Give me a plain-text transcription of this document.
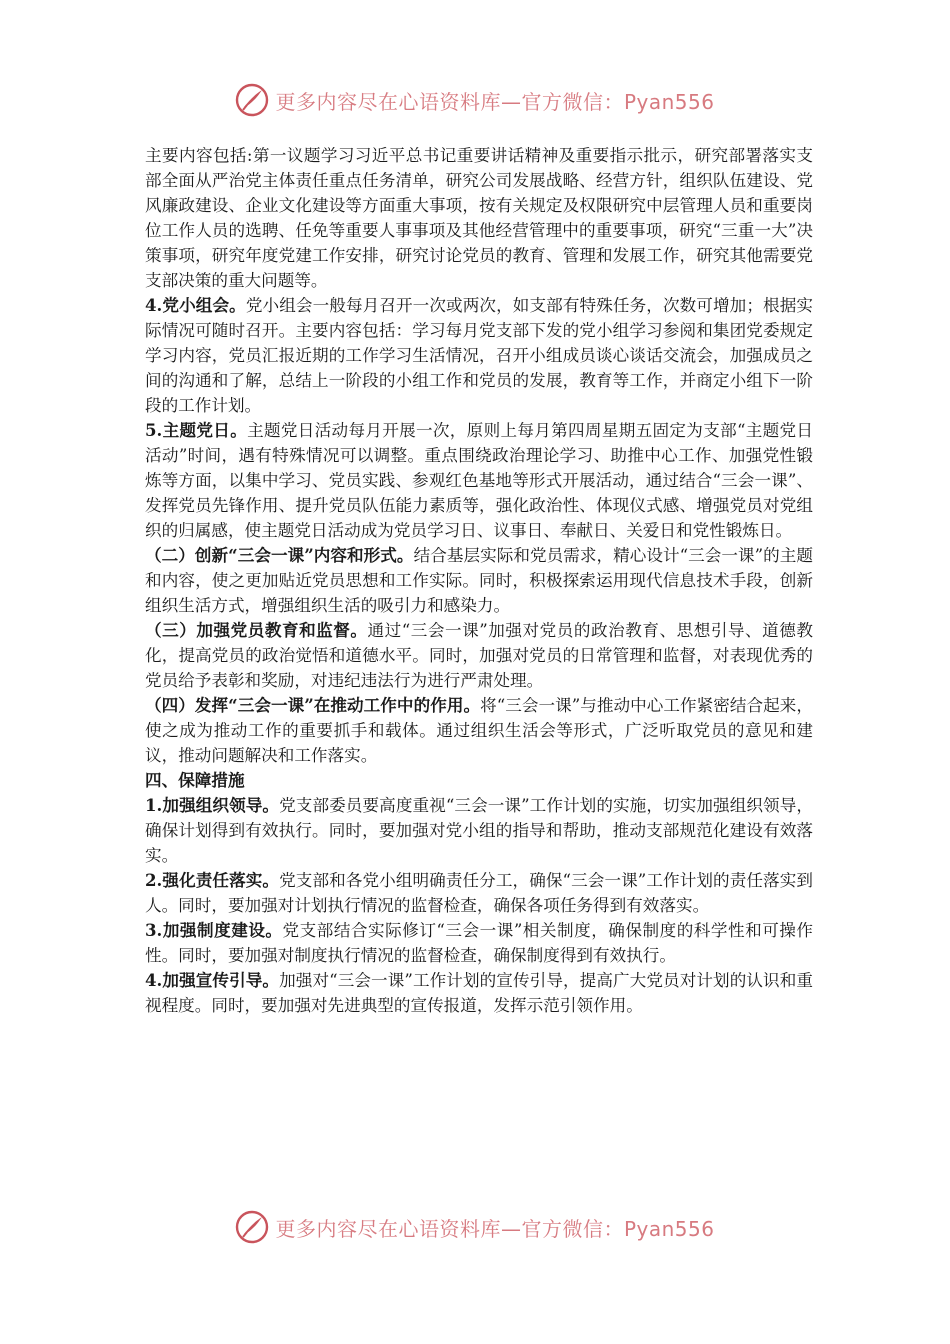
更多内容尽在心语资料库—官方微信：Pyan556

主要内容包括:第一议题学习习近平总书记重要讲话精神及重要指示批示，研究部署落实支部全面从严治党主体责任重点任务清单，研究公司发展战略、经营方针，组织队伍建设、党风廉政建设、企业文化建设等方面重大事项，按有关规定及权限研究中层管理人员和重要岗位工作人员的选聘、任免等重要人事事项及其他经营管理中的重要事项，研究“三重一大”决策事项，研究年度党建工作安排，研究讨论党员的教育、管理和发展工作，研究其他需要党支部决策的重大问题等。

4.党小组会。党小组会一般每月召开一次或两次，如支部有特殊任务，次数可增加；根据实际情况可随时召开。主要内容包括：学习每月党支部下发的党小组学习参阅和集团党委规定学习内容，党员汇报近期的工作学习生活情况，召开小组成员谈心谈话交流会，加强成员之间的沟通和了解，总结上一阶段的小组工作和党员的发展，教育等工作，并商定小组下一阶段的工作计划。

5.主题党日。主题党日活动每月开展一次，原则上每月第四周星期五固定为支部“主题党日活动”时间，遇有特殊情况可以调整。重点围绕政治理论学习、助推中心工作、加强党性锻炼等方面，以集中学习、党员实践、参观红色基地等形式开展活动，通过结合“三会一课”、发挥党员先锋作用、提升党员队伍能力素质等，强化政治性、体现仪式感、增强党员对党组织的归属感，使主题党日活动成为党员学习日、议事日、奉献日、关爱日和党性锻炼日。

（二）创新“三会一课”内容和形式。结合基层实际和党员需求，精心设计“三会一课”的主题和内容，使之更加贴近党员思想和工作实际。同时，积极探索运用现代信息技术手段，创新组织生活方式，增强组织生活的吸引力和感染力。

（三）加强党员教育和监督。通过“三会一课”加强对党员的政治教育、思想引导、道德教化，提高党员的政治觉悟和道德水平。同时，加强对党员的日常管理和监督，对表现优秀的党员给予表彰和奖励，对违纪违法行为进行严肃处理。

（四）发挥“三会一课”在推动工作中的作用。将“三会一课”与推动中心工作紧密结合起来，使之成为推动工作的重要抓手和载体。通过组织生活会等形式，广泛听取党员的意见和建议，推动问题解决和工作落实。

四、保障措施

1.加强组织领导。党支部委员要高度重视“三会一课”工作计划的实施，切实加强组织领导，确保计划得到有效执行。同时，要加强对党小组的指导和帮助，推动支部规范化建设有效落实。

2.强化责任落实。党支部和各党小组明确责任分工，确保“三会一课”工作计划的责任落实到人。同时，要加强对计划执行情况的监督检查，确保各项任务得到有效落实。

3.加强制度建设。党支部结合实际修订“三会一课”相关制度，确保制度的科学性和可操作性。同时，要加强对制度执行情况的监督检查，确保制度得到有效执行。

4.加强宣传引导。加强对“三会一课”工作计划的宣传引导，提高广大党员对计划的认识和重视程度。同时，要加强对先进典型的宣传报道，发挥示范引领作用。

更多内容尽在心语资料库—官方微信：Pyan556
